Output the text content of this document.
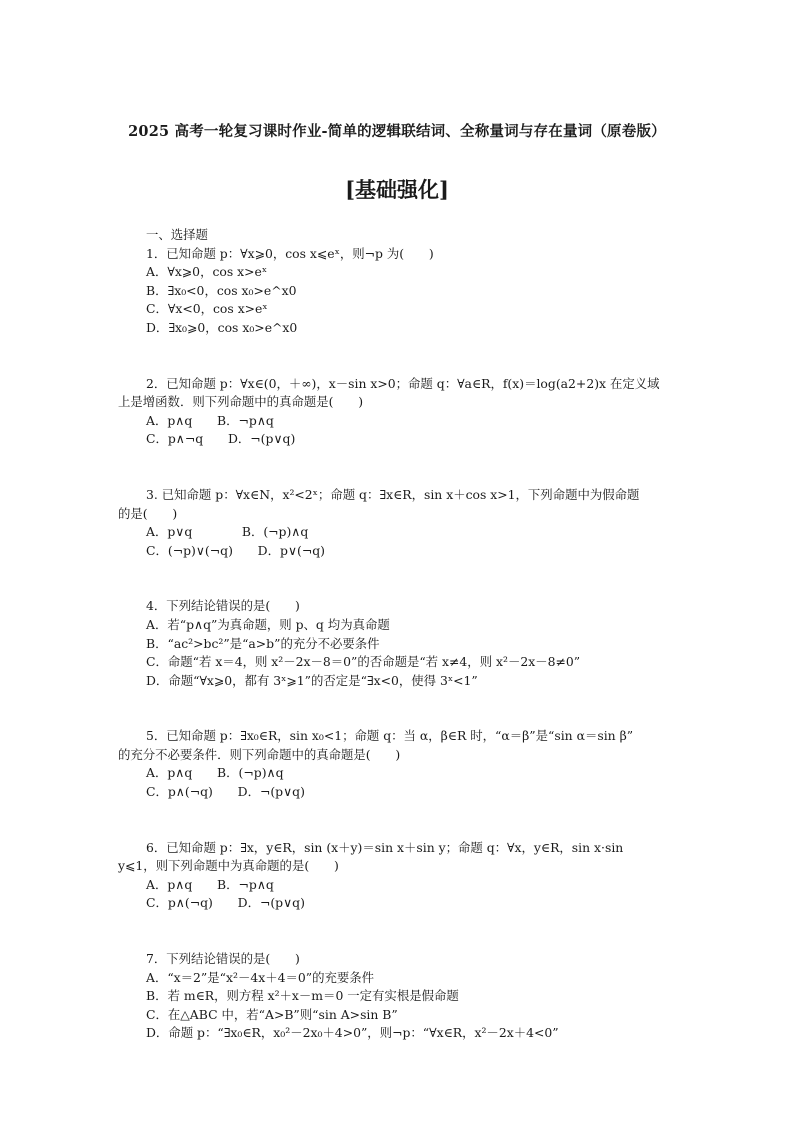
2025 高考一轮复习课时作业-简单的逻辑联结词、全称量词与存在量词（原卷版）
[基础强化]
一、选择题
1．已知命题 p：∀x⩾0，cos x⩽eˣ，则¬p 为(　　)
A．∀x⩾0，cos x>eˣ
B．∃x₀<0，cos x₀>e^x0
C．∀x<0，cos x>eˣ
D．∃x₀⩾0，cos x₀>e^x0
2．已知命题 p：∀x∈(0，＋∞)，x－sin x>0；命题 q：∀a∈R，f(x)＝log(a2+2)x 在定义域
上是增函数．则下列命题中的真命题是(　　)
A．p∧q　　B．¬p∧q
C．p∧¬q　　D．¬(p∨q)
3. 已知命题 p：∀x∈N，x²<2ˣ；命题 q：∃x∈R，sin x＋cos x>1，下列命题中为假命题
的是(　　)
A．p∨q　　　　B．(¬p)∧q
C．(¬p)∨(¬q)　　D．p∨(¬q)
4．下列结论错误的是(　　)
A．若“p∧q”为真命题，则 p、q 均为真命题
B．“ac²>bc²”是“a>b”的充分不必要条件
C．命题“若 x＝4，则 x²－2x－8＝0”的否命题是“若 x≠4，则 x²－2x－8≠0”
D．命题“∀x⩾0，都有 3ˣ⩾1”的否定是“∃x<0，使得 3ˣ<1”
5．已知命题 p：∃x₀∈R，sin x₀<1；命题 q：当 α，β∈R 时，“α＝β”是“sin α＝sin β”
的充分不必要条件．则下列命题中的真命题是(　　)
A．p∧q　　B．(¬p)∧q
C．p∧(¬q)　　D．¬(p∨q)
6．已知命题 p：∃x，y∈R，sin (x＋y)＝sin x＋sin y；命题 q：∀x，y∈R，sin x·sin
y⩽1，则下列命题中为真命题的是(　　)
A．p∧q　　B．¬p∧q
C．p∧(¬q)　　D．¬(p∨q)
7．下列结论错误的是(　　)
A．“x＝2”是“x²－4x＋4＝0”的充要条件
B．若 m∈R，则方程 x²＋x－m＝0 一定有实根是假命题
C．在△ABC 中，若“A>B”则“sin A>sin B”
D．命题 p：“∃x₀∈R，x₀²－2x₀＋4>0”，则¬p：“∀x∈R，x²－2x＋4<0”
